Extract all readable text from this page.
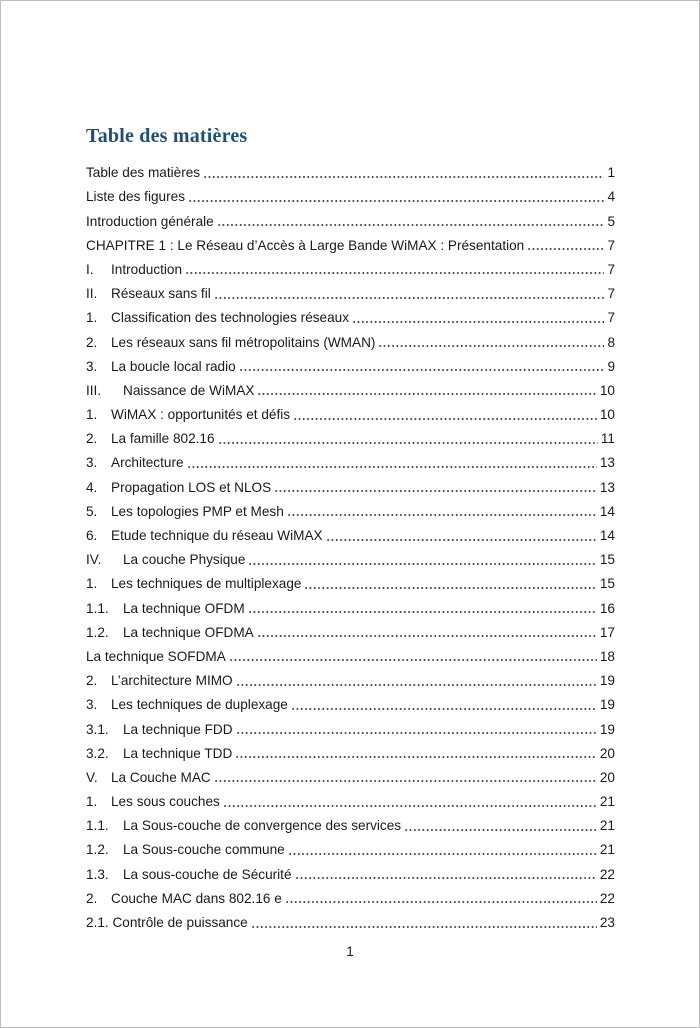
Table des matières
Table des matières	1
Liste des figures	4
Introduction générale	5
CHAPITRE 1 : Le Réseau d’Accès à Large Bande WiMAX : Présentation	7
I.	Introduction	7
II.	Réseaux sans fil	7
1.	Classification des technologies réseaux	7
2.	Les réseaux sans fil métropolitains (WMAN)	8
3.	La boucle local radio	9
III.	Naissance de WiMAX	10
1.	WiMAX : opportunités et défis	10
2.	La famille 802.16	11
3.	Architecture	13
4.	Propagation LOS et NLOS	13
5.	Les topologies PMP et Mesh	14
6.	Etude technique du réseau WiMAX	14
IV.	La couche Physique	15
1.	Les techniques de multiplexage	15
1.1.	La technique OFDM	16
1.2.	La technique OFDMA	17
La technique SOFDMA	18
2.	L’architecture MIMO	19
3.	Les techniques de duplexage	19
3.1.	La technique FDD	19
3.2.	La technique TDD	20
V. La Couche MAC	20
1.	Les sous couches	21
1.1.	La Sous-couche de convergence des services	21
1.2.	La Sous-couche commune	21
1.3.	La sous-couche de Sécurité	22
2.	Couche MAC dans 802.16 e	22
2.1. Contrôle de puissance	23
1
